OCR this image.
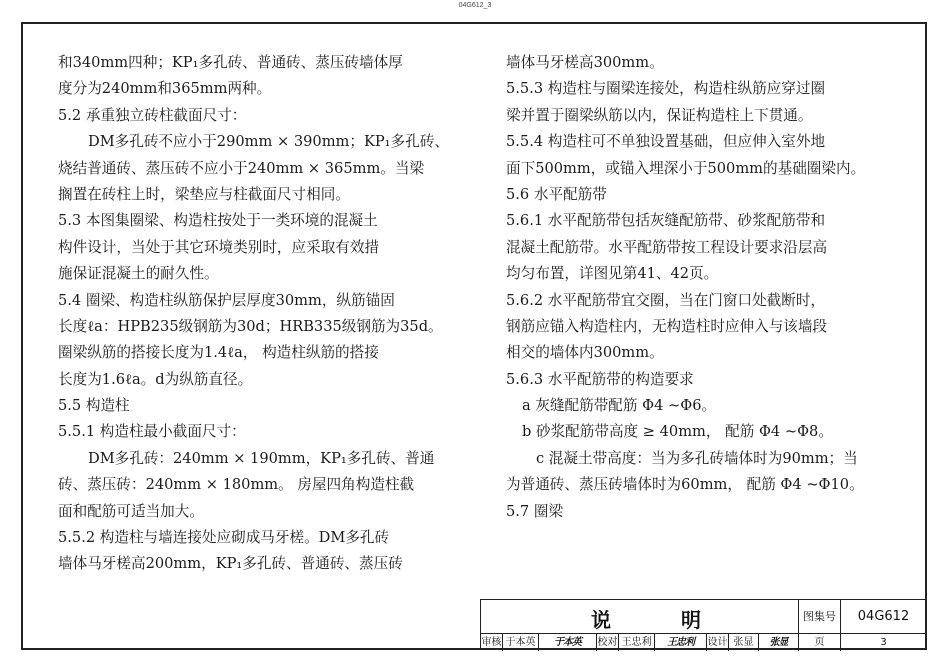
04G612_3
和340mm四种；KP₁多孔砖、普通砖、蒸压砖墙体厚
度分为240mm和365mm两种。
5.2 承重独立砖柱截面尺寸：
DM多孔砖不应小于290mm × 390mm；KP₁多孔砖、
烧结普通砖、蒸压砖不应小于240mm × 365mm。当梁
搁置在砖柱上时，梁垫应与柱截面尺寸相同。
5.3 本图集圈梁、构造柱按处于一类环境的混凝土
构件设计，当处于其它环境类别时，应采取有效措
施保证混凝土的耐久性。
5.4 圈梁、构造柱纵筋保护层厚度30mm，纵筋锚固
长度ℓa：HPB235级钢筋为30d；HRB335级钢筋为35d。
圈梁纵筋的搭接长度为1.4ℓa， 构造柱纵筋的搭接
长度为1.6ℓa。d为纵筋直径。
5.5 构造柱
5.5.1 构造柱最小截面尺寸：
DM多孔砖：240mm × 190mm，KP₁多孔砖、普通
砖、蒸压砖：240mm × 180mm。 房屋四角构造柱截
面和配筋可适当加大。
5.5.2 构造柱与墙连接处应砌成马牙槎。DM多孔砖
墙体马牙槎高200mm，KP₁多孔砖、普通砖、蒸压砖
墙体马牙槎高300mm。
5.5.3 构造柱与圈梁连接处，构造柱纵筋应穿过圈
梁并置于圈梁纵筋以内，保证构造柱上下贯通。
5.5.4 构造柱可不单独设置基础，但应伸入室外地
面下500mm，或锚入埋深小于500mm的基础圈梁内。
5.6 水平配筋带
5.6.1 水平配筋带包括灰缝配筋带、砂浆配筋带和
混凝土配筋带。水平配筋带按工程设计要求沿层高
均匀布置，详图见第41、42页。
5.6.2 水平配筋带宜交圈，当在门窗口处截断时，
钢筋应锚入构造柱内，无构造柱时应伸入与该墙段
相交的墙体内300mm。
5.6.3 水平配筋带的构造要求
a 灰缝配筋带配筋 Φ4 ~Φ6。
b 砂浆配筋带高度 ≥ 40mm， 配筋 Φ4 ~Φ8。
c 混凝土带高度：当为多孔砖墙体时为90mm；当
为普通砖、蒸压砖墙体时为60mm， 配筋 Φ4 ~Φ10。
5.7 圈梁
说	明	图集号	04G612
审核 于本英	于本英	校对 王忠利	王忠利	设计 张显	张显	页	3
